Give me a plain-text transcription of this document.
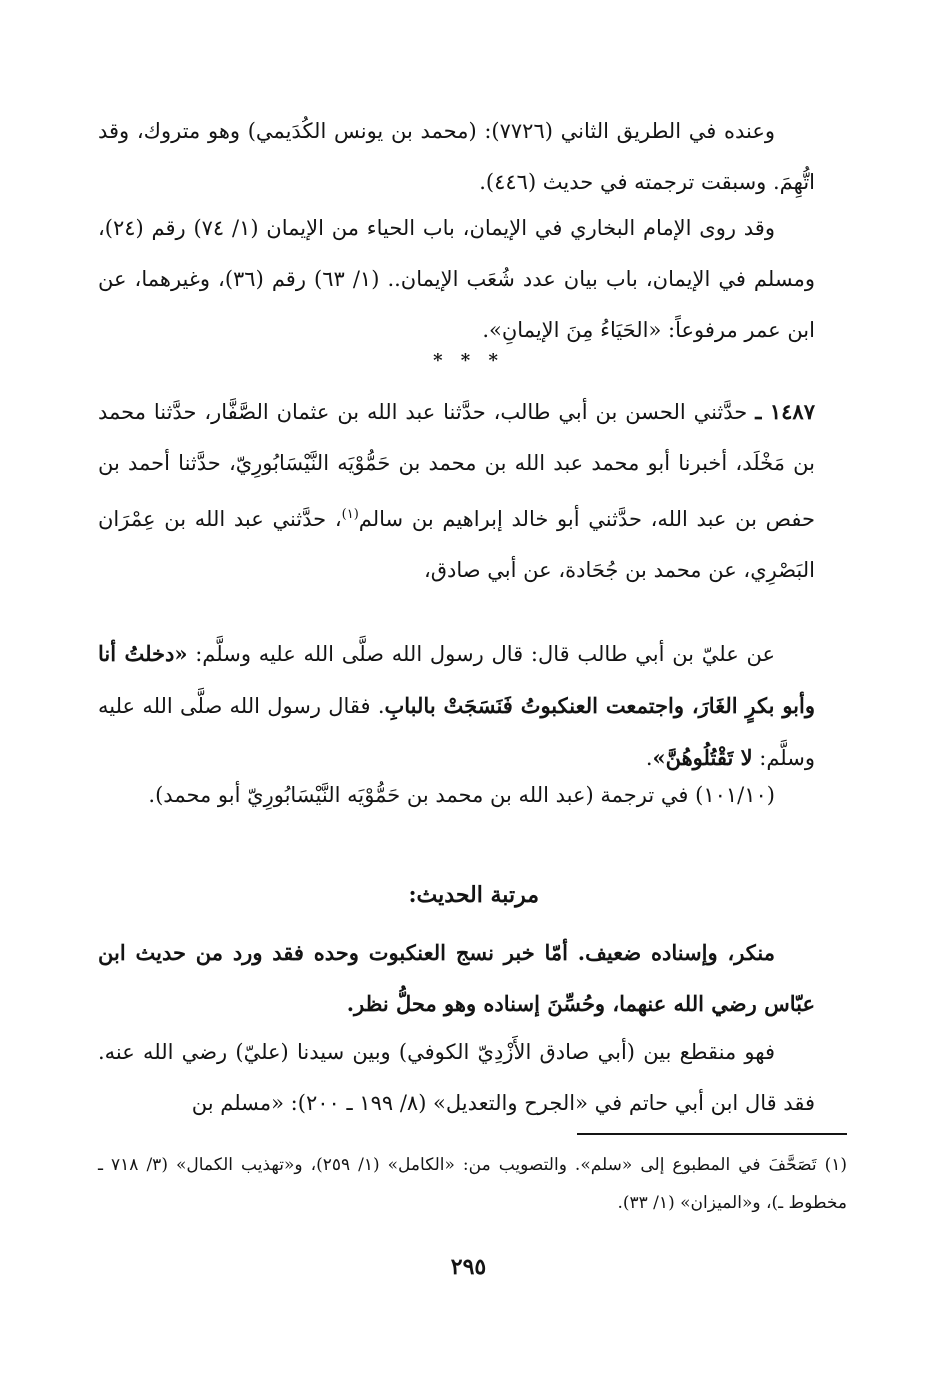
وعنده في الطريق الثاني (٧٧٢٦): (محمد بن يونس الكُدَيمي) وهو متروك، وقد اتُّهِمَ. وسبقت ترجمته في حديث (٤٤٦).

وقد روى الإمام البخاري في الإيمان، باب الحياء من الإيمان (١/ ٧٤) رقم (٢٤)، ومسلم في الإيمان، باب بيان عدد شُعَب الإيمان.. (١/ ٦٣) رقم (٣٦)، وغيرهما، عن ابن عمر مرفوعاً: «الحَيَاءُ مِنَ الإيمانِ».

* * *

١٤٨٧ ـ حدَّثني الحسن بن أبي طالب، حدَّثنا عبد الله بن عثمان الصَّفَّار، حدَّثنا محمد بن مَخْلَد، أخبرنا أبو محمد عبد الله بن محمد بن حَمُّوْيَه النَّيْسَابُورِيّ، حدَّثنا أحمد بن حفص بن عبد الله، حدَّثني أبو خالد إبراهيم بن سالم$^{(١)}$، حدَّثني عبد الله بن عِمْرَان البَصْرِي، عن محمد بن جُحَادة، عن أبي صادق،

عن عليّ بن أبي طالب قال: قال رسول الله صلَّى الله عليه وسلَّم: «دخلتُ أنا وأبو بكرٍ الغَارَ، واجتمعت العنكبوتُ فَنَسَجَتْ بالبابِ. فقال رسول الله صلَّى الله عليه وسلَّم: لا تَقْتُلُوهُنَّ».

(١٠١/١٠) في ترجمة (عبد الله بن محمد بن حَمُّوْيَه النَّيْسَابُورِيّ أبو محمد).

مرتبة الحديث:

منكر، وإسناده ضعيف. أمّا خبر نسج العنكبوت وحده فقد ورد من حديث ابن عبّاس رضي الله عنهما، وحُسِّنَ إسناده وهو محلُّ نظر.

فهو منقطع بين (أبي صادق الأَزْدِيّ الكوفي) وبين سيدنا (عليّ) رضي الله عنه. فقد قال ابن أبي حاتم في «الجرح والتعديل» (٨/ ١٩٩ ـ ٢٠٠): «مسلم بن

(١) تَصَحَّفَ في المطبوع إلى «سلم». والتصويب من: «الكامل» (١/ ٢٥٩)، و«تهذيب الكمال» (٣/ ٧١٨ ـ مخطوط ـ)، و«الميزان» (١/ ٣٣).

٢٩٥
